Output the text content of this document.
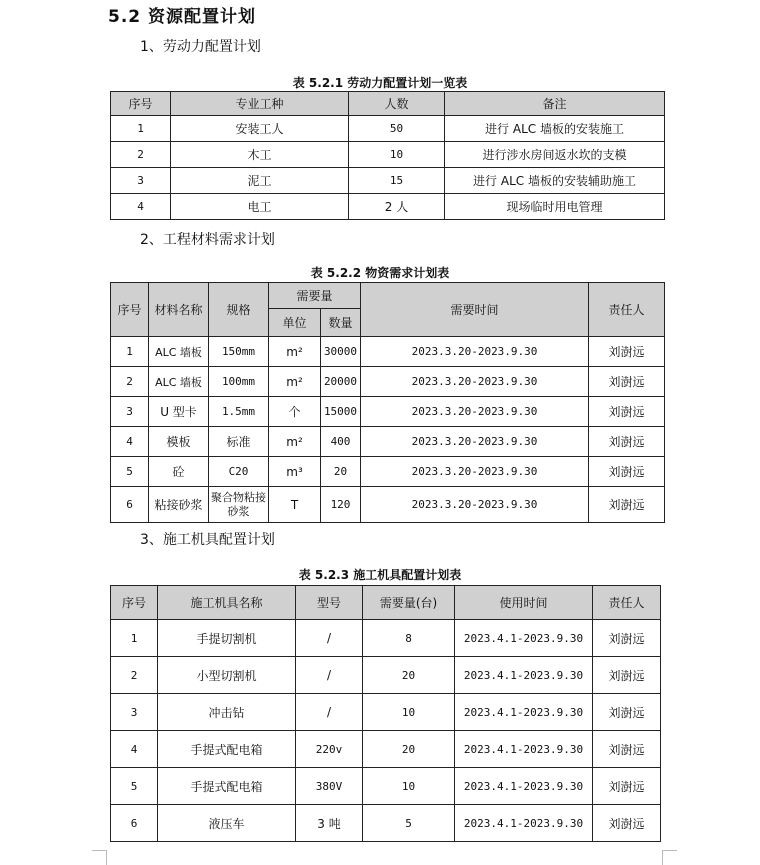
5.2 资源配置计划
1、劳动力配置计划
表 5.2.1 劳动力配置计划一览表
序号	专业工种	人数	备注
1	安装工人	50	进行 ALC 墙板的安装施工
2	木工	10	进行涉水房间返水坎的支模
3	泥工	15	进行 ALC 墙板的安装辅助施工
4	电工	2 人	现场临时用电管理
2、工程材料需求计划
表 5.2.2 物资需求计划表
序号	材料名称	规格	需要量		需要时间	责任人
			单位	数量		
1	ALC 墙板	150mm	m²	30000	2023.3.20-2023.9.30	刘澍远
2	ALC 墙板	100mm	m²	20000	2023.3.20-2023.9.30	刘澍远
3	U 型卡	1.5mm	个	15000	2023.3.20-2023.9.30	刘澍远
4	模板	标准	m²	400	2023.3.20-2023.9.30	刘澍远
5	砼	C20	m³	20	2023.3.20-2023.9.30	刘澍远
6	粘接砂浆	聚合物粘接砂浆	T	120	2023.3.20-2023.9.30	刘澍远
3、施工机具配置计划
表 5.2.3 施工机具配置计划表
序号	施工机具名称	型号	需要量(台)	使用时间	责任人
1	手提切割机	/	8	2023.4.1-2023.9.30	刘澍远
2	小型切割机	/	20	2023.4.1-2023.9.30	刘澍远
3	冲击钻	/	10	2023.4.1-2023.9.30	刘澍远
4	手提式配电箱	220v	20	2023.4.1-2023.9.30	刘澍远
5	手提式配电箱	380V	10	2023.4.1-2023.9.30	刘澍远
6	液压车	3 吨	5	2023.4.1-2023.9.30	刘澍远
